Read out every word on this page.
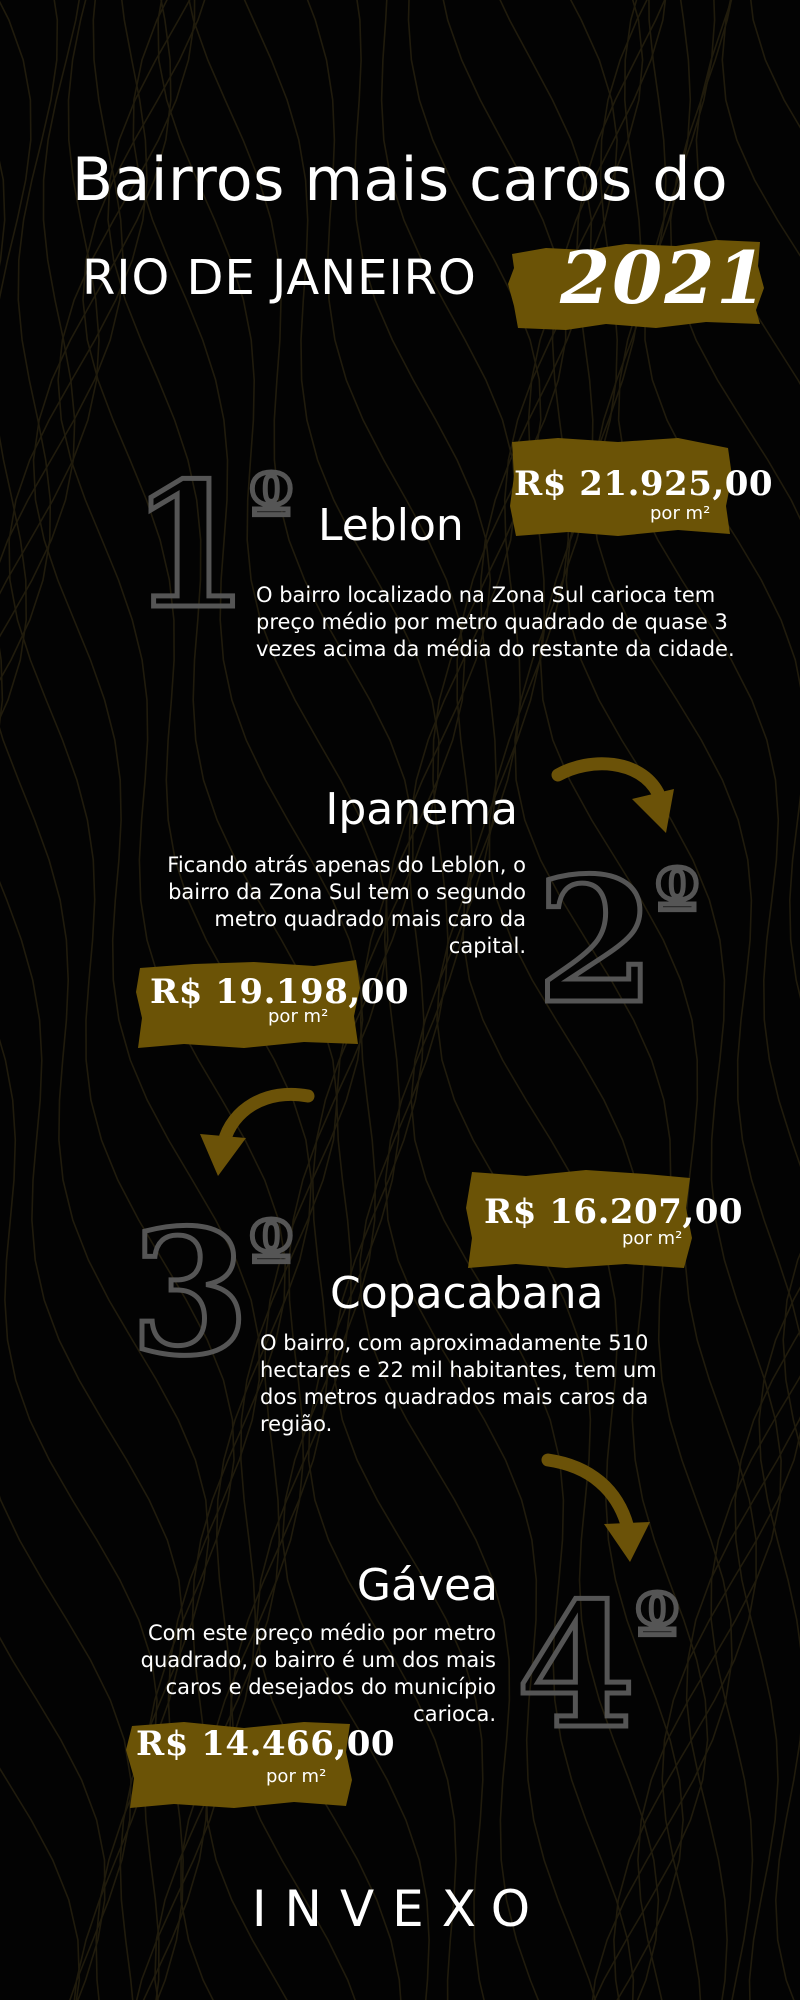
Bairros mais caros do
RIO DE JANEIRO 2021
R$ 21.925,00
por m²
1º Leblon
O bairro localizado na Zona Sul carioca tem preço médio por metro quadrado de quase 3 vezes acima da média do restante da cidade.
Ipanema
Ficando atrás apenas do Leblon, o bairro da Zona Sul tem o segundo metro quadrado mais caro da capital. 2º
R$ 19.198,00
por m²
R$ 16.207,00
por m²
3º Copacabana
O bairro, com aproximadamente 510 hectares e 22 mil habitantes, tem um dos metros quadrados mais caros da região.
Gávea
Com este preço médio por metro quadrado, o bairro é um dos mais caros e desejados do município carioca. 4º
R$ 14.466,00
por m²
INVEXO
